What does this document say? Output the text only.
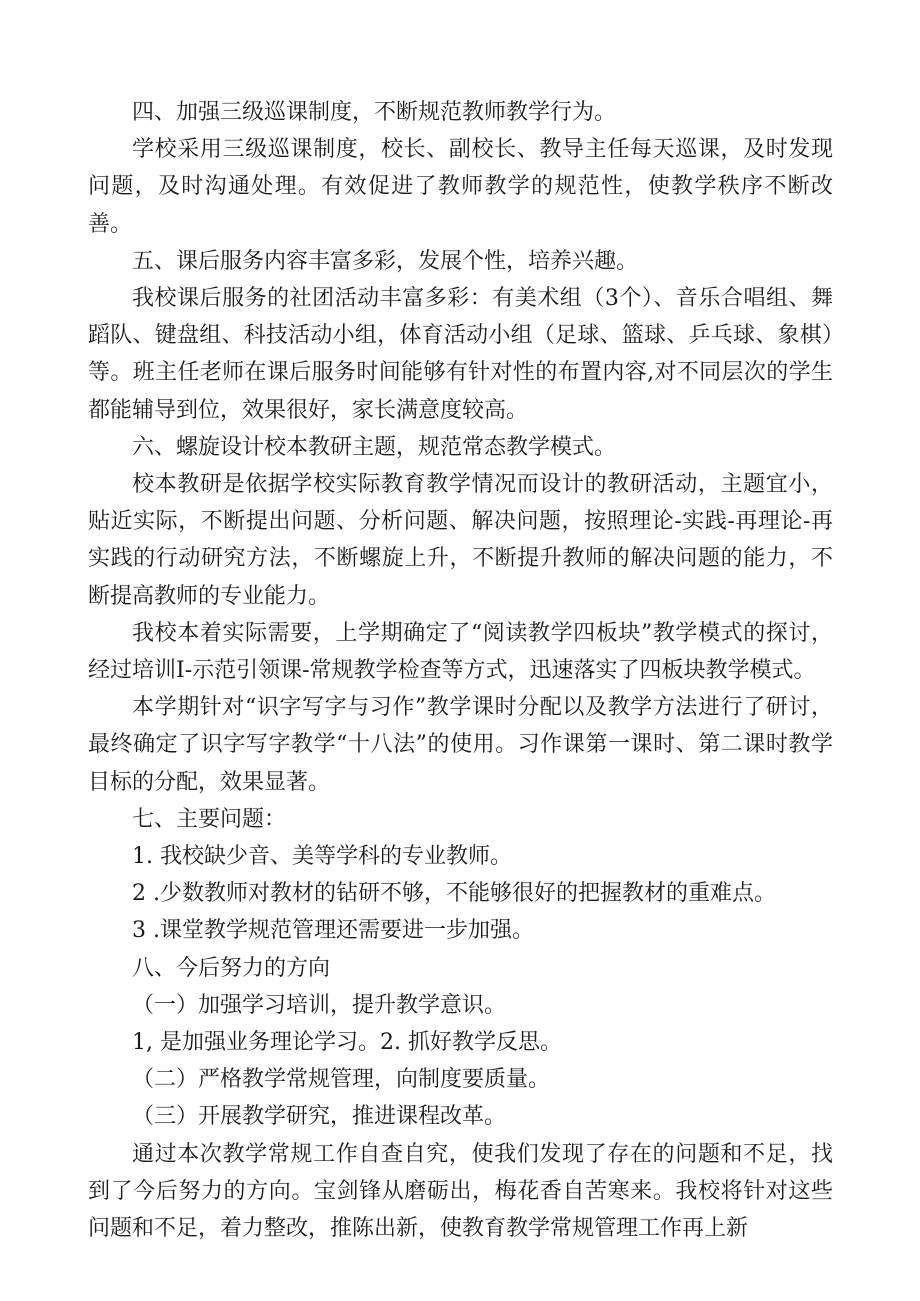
四、加强三级巡课制度，不断规范教师教学行为。

学校采用三级巡课制度，校长、副校长、教导主任每天巡课，及时发现问题，及时沟通处理。有效促进了教师教学的规范性，使教学秩序不断改善。

五、课后服务内容丰富多彩，发展个性，培养兴趣。

我校课后服务的社团活动丰富多彩：有美术组（3个）、音乐合唱组、舞蹈队、键盘组、科技活动小组，体育活动小组（足球、篮球、乒乓球、象棋）等。班主任老师在课后服务时间能够有针对性的布置内容,对不同层次的学生都能辅导到位，效果很好，家长满意度较高。

六、螺旋设计校本教研主题，规范常态教学模式。

校本教研是依据学校实际教育教学情况而设计的教研活动，主题宜小，贴近实际，不断提出问题、分析问题、解决问题，按照理论-实践-再理论-再实践的行动研究方法，不断螺旋上升，不断提升教师的解决问题的能力，不断提高教师的专业能力。

我校本着实际需要，上学期确定了“阅读教学四板块”教学模式的探讨，经过培训I-示范引领课-常规教学检查等方式，迅速落实了四板块教学模式。

本学期针对“识字写字与习作”教学课时分配以及教学方法进行了研讨，最终确定了识字写字教学“十八法”的使用。习作课第一课时、第二课时教学目标的分配，效果显著。

七、主要问题：

1. 我校缺少音、美等学科的专业教师。

2 .少数教师对教材的钻研不够，不能够很好的把握教材的重难点。

3 .课堂教学规范管理还需要进一步加强。

八、今后努力的方向

（一）加强学习培训，提升教学意识。

1, 是加强业务理论学习。2. 抓好教学反思。

（二）严格教学常规管理，向制度要质量。

（三）开展教学研究，推进课程改革。

通过本次教学常规工作自查自究，使我们发现了存在的问题和不足，找到了今后努力的方向。宝剑锋从磨砺出，梅花香自苦寒来。我校将针对这些问题和不足，着力整改，推陈出新，使教育教学常规管理工作再上新
